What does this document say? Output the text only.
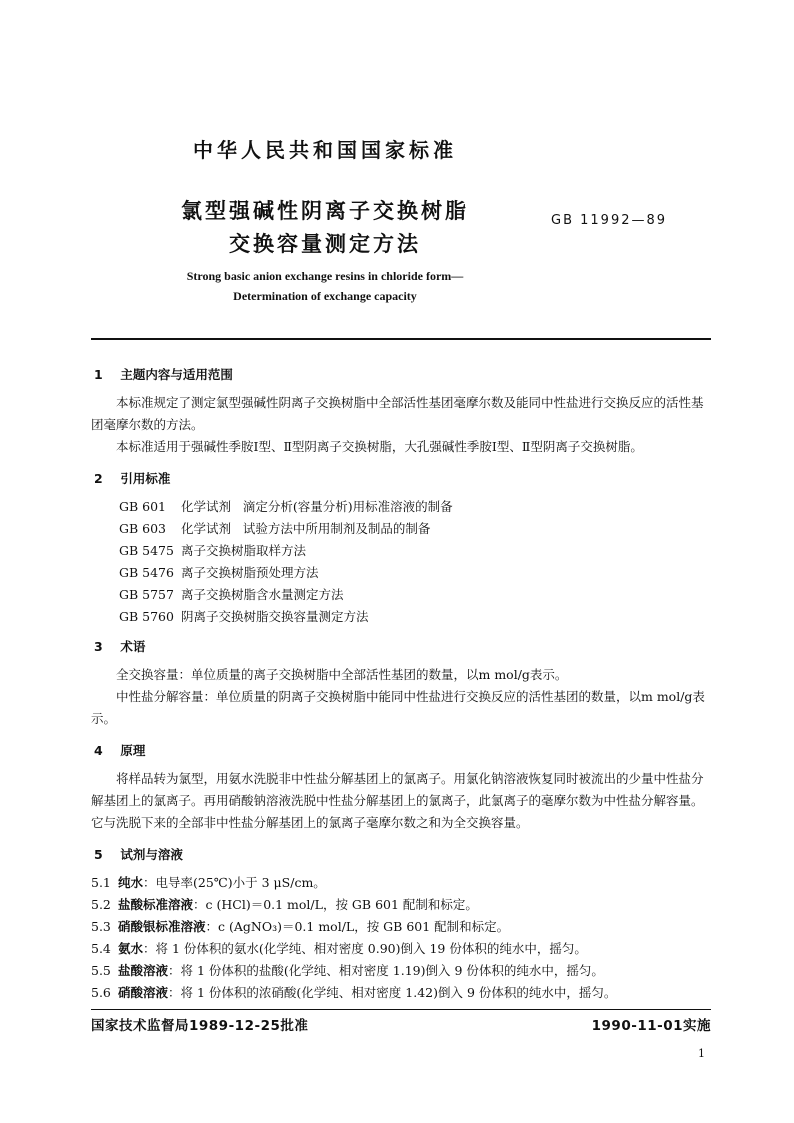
中华人民共和国国家标准
氯型强碱性阴离子交换树脂
交换容量测定方法
GB 11992—89
Strong basic anion exchange resins in chloride form—
Determination of exchange capacity
1 主题内容与适用范围

本标准规定了测定氯型强碱性阴离子交换树脂中全部活性基团毫摩尔数及能同中性盐进行交换反应的活性基团毫摩尔数的方法。

本标准适用于强碱性季胺Ⅰ型、Ⅱ型阴离子交换树脂，大孔强碱性季胺Ⅰ型、Ⅱ型阴离子交换树脂。

2 引用标准
GB 601	化学试剂   滴定分析(容量分析)用标准溶液的制备
GB 603	化学试剂   试验方法中所用制剂及制品的制备
GB 5475 离子交换树脂取样方法
GB 5476 离子交换树脂预处理方法
GB 5757 离子交换树脂含水量测定方法
GB 5760 阴离子交换树脂交换容量测定方法
3 术语

全交换容量：单位质量的离子交换树脂中全部活性基团的数量，以m mol/g表示。

中性盐分解容量：单位质量的阴离子交换树脂中能同中性盐进行交换反应的活性基团的数量，以m mol/g表示。

4 原理

将样品转为氯型，用氨水洗脱非中性盐分解基团上的氯离子。用氯化钠溶液恢复同时被流出的少量中性盐分解基团上的氯离子。再用硝酸钠溶液洗脱中性盐分解基团上的氯离子，此氯离子的毫摩尔数为中性盐分解容量。它与洗脱下来的全部非中性盐分解基团上的氯离子毫摩尔数之和为全交换容量。

5 试剂与溶液
5.1 纯水：电导率(25℃)小于 3 μS/cm。
5.2 盐酸标准溶液：c (HCl)＝0.1 mol/L，按 GB 601 配制和标定。
5.3 硝酸银标准溶液：c (AgNO₃)＝0.1 mol/L，按 GB 601 配制和标定。
5.4 氨水：将 1 份体积的氨水(化学纯、相对密度 0.90)倒入 19 份体积的纯水中，摇匀。
5.5 盐酸溶液：将 1 份体积的盐酸(化学纯、相对密度 1.19)倒入 9 份体积的纯水中，摇匀。
5.6 硝酸溶液：将 1 份体积的浓硝酸(化学纯、相对密度 1.42)倒入 9 份体积的纯水中，摇匀。
国家技术监督局1989-12-25批准	1990-11-01实施
1
